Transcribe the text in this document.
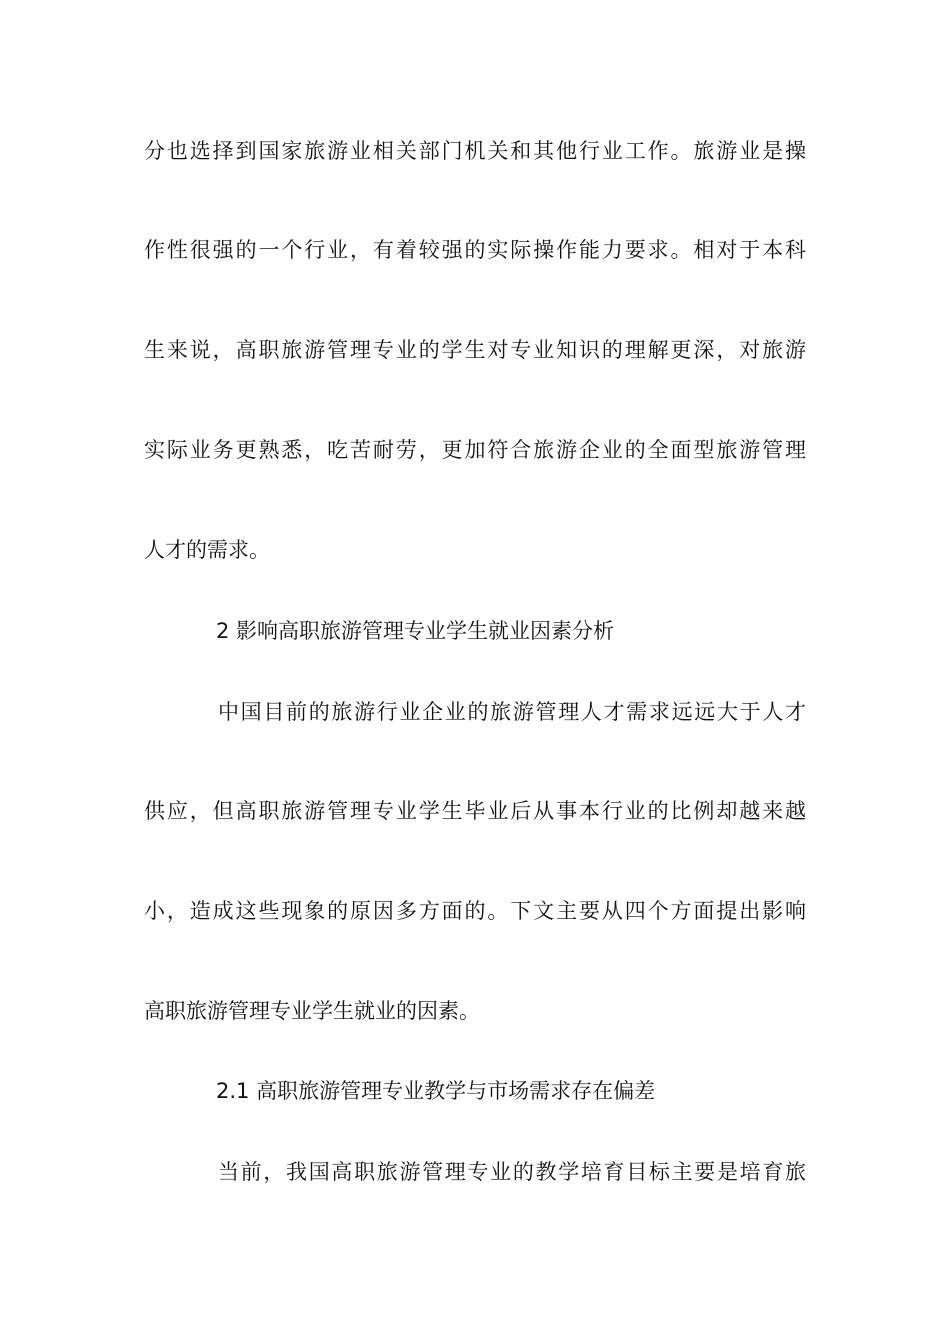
分也选择到国家旅游业相关部门机关和其他行业工作。旅游业是操
作性很强的一个行业，有着较强的实际操作能力要求。相对于本科
生来说，高职旅游管理专业的学生对专业知识的理解更深，对旅游
实际业务更熟悉，吃苦耐劳，更加符合旅游企业的全面型旅游管理
人才的需求。
2 影响高职旅游管理专业学生就业因素分析
中国目前的旅游行业企业的旅游管理人才需求远远大于人才
供应，但高职旅游管理专业学生毕业后从事本行业的比例却越来越
小，造成这些现象的原因多方面的。下文主要从四个方面提出影响
高职旅游管理专业学生就业的因素。
2.1 高职旅游管理专业教学与市场需求存在偏差
当前，我国高职旅游管理专业的教学培育目标主要是培育旅
